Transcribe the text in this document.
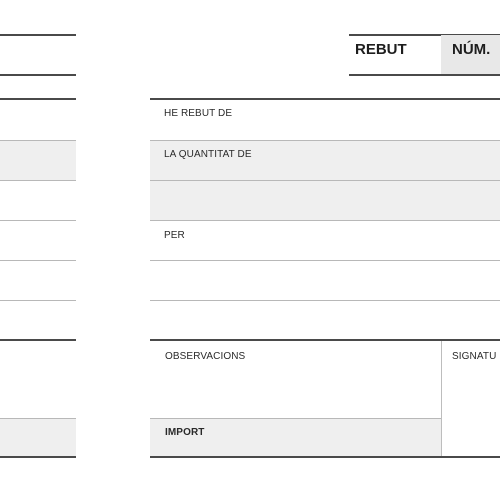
REBUT	NÚM.
HE REBUT DE
LA QUANTITAT DE
PER
OBSERVACIONS	SIGNATU
IMPORT
